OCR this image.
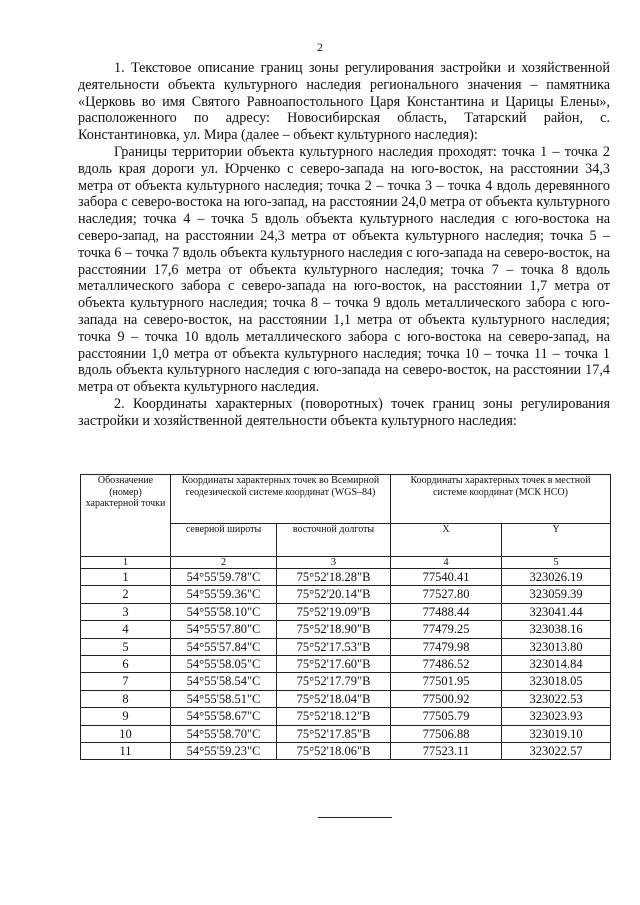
2

1. Текстовое описание границ зоны регулирования застройки и хозяйственной деятельности объекта культурного наследия регионального значения – памятника «Церковь во имя Святого Равноапостольного Царя Константина и Царицы Елены», расположенного по адресу: Новосибирская область, Татарский район, с. Константиновка, ул. Мира (далее – объект культурного наследия):

Границы территории объекта культурного наследия проходят: точка 1 – точка 2 вдоль края дороги ул. Юрченко с северо-запада на юго-восток, на расстоянии 34,3 метра от объекта культурного наследия; точка 2 – точка 3 – точка 4 вдоль деревянного забора с северо-востока на юго-запад, на расстоянии 24,0 метра от объекта культурного наследия; точка 4 – точка 5 вдоль объекта культурного наследия с юго-востока на северо-запад, на расстоянии 24,3 метра от объекта культурного наследия; точка 5 – точка 6 – точка 7 вдоль объекта культурного наследия с юго-запада на северо-восток, на расстоянии 17,6 метра от объекта культурного наследия; точка 7 – точка 8 вдоль металлического забора с северо-запада на юго-восток, на расстоянии 1,7 метра от объекта культурного наследия; точка 8 – точка 9 вдоль металлического забора с юго-запада на северо-восток, на расстоянии 1,1 метра от объекта культурного наследия; точка 9 – точка 10 вдоль металлического забора с юго-востока на северо-запад, на расстоянии 1,0 метра от объекта культурного наследия; точка 10 – точка 11 – точка 1 вдоль объекта культурного наследия с юго-запада на северо-восток, на расстоянии 17,4 метра от объекта культурного наследия.

2. Координаты характерных (поворотных) точек границ зоны регулирования застройки и хозяйственной деятельности объекта культурного наследия:

Обозначение (номер) характерной точки	Координаты характерных точек во Всемирной геодезической системе координат (WGS–84)		Координаты характерных точек в местной системе координат (МСК НСО)	
	северной широты	восточной долготы	X	Y
1	2	3	4	5
1	54°55'59.78"С	75°52'18.28"В	77540.41	323026.19
2	54°55'59.36"С	75°52'20.14"В	77527.80	323059.39
3	54°55'58.10"С	75°52'19.09"В	77488.44	323041.44
4	54°55'57.80"С	75°52'18.90"В	77479.25	323038.16
5	54°55'57.84"С	75°52'17.53"В	77479.98	323013.80
6	54°55'58.05"С	75°52'17.60"В	77486.52	323014.84
7	54°55'58.54"С	75°52'17.79"В	77501.95	323018.05
8	54°55'58.51"С	75°52'18.04"В	77500.92	323022.53
9	54°55'58.67"С	75°52'18.12"В	77505.79	323023.93
10	54°55'58.70"С	75°52'17.85"В	77506.88	323019.10
11	54°55'59.23"С	75°52'18.06"В	77523.11	323022.57
